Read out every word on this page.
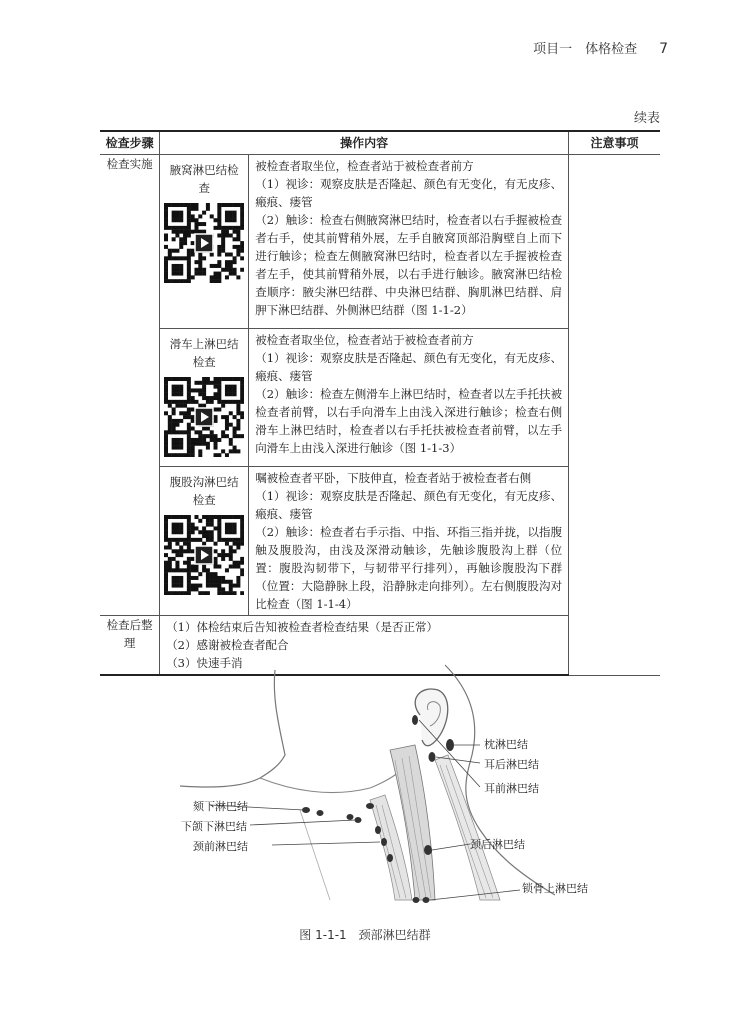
项目一　体格检查 7
续表
检查步骤	操作内容		注意事项
检查实施	腋窝淋巴结检查	被检查者取坐位，检查者站于被检查者前方

（1）视诊：观察皮肤是否隆起、颜色有无变化，有无皮疹、瘢痕、瘘管

（2）触诊：检查右侧腋窝淋巴结时，检查者以右手握被检查者右手，使其前臂稍外展，左手自腋窝顶部沿胸壁自上而下进行触诊；检查左侧腋窝淋巴结时，检查者以左手握被检查者左手，使其前臂稍外展，以右手进行触诊。腋窝淋巴结检查顺序：腋尖淋巴结群、中央淋巴结群、胸肌淋巴结群、肩胛下淋巴结群、外侧淋巴结群（图 1-1-2）	

	滑车上淋巴结检查	被检查者取坐位，检查者站于被检查者前方

（1）视诊：观察皮肤是否隆起、颜色有无变化，有无皮疹、瘢痕、瘘管

（2）触诊：检查左侧滑车上淋巴结时，检查者以左手托扶被检查者前臂，以右手向滑车上由浅入深进行触诊；检查右侧滑车上淋巴结时，检查者以右手托扶被检查者前臂，以左手向滑车上由浅入深进行触诊（图 1-1-3）	

	腹股沟淋巴结检查	嘱被检查者平卧，下肢伸直，检查者站于被检查者右侧

（1）视诊：观察皮肤是否隆起、颜色有无变化，有无皮疹、瘢痕、瘘管

（2）触诊：检查者右手示指、中指、环指三指并拢，以指腹触及腹股沟，由浅及深滑动触诊，先触诊腹股沟上群（位置：腹股沟韧带下，与韧带平行排列），再触诊腹股沟下群（位置：大隐静脉上段，沿静脉走向排列）。左右侧腹股沟对比检查（图 1-1-4）	

检查后整理	（1）体检结束后告知被检查者检查结果（是否正常）

（2）感谢被检查者配合

（3）快速手消		

枕淋巴结
耳后淋巴结
耳前淋巴结
颏下淋巴结
下颌下淋巴结
颈前淋巴结	颈后淋巴结
锁骨上淋巴结
图 1-1-1　颈部淋巴结群
